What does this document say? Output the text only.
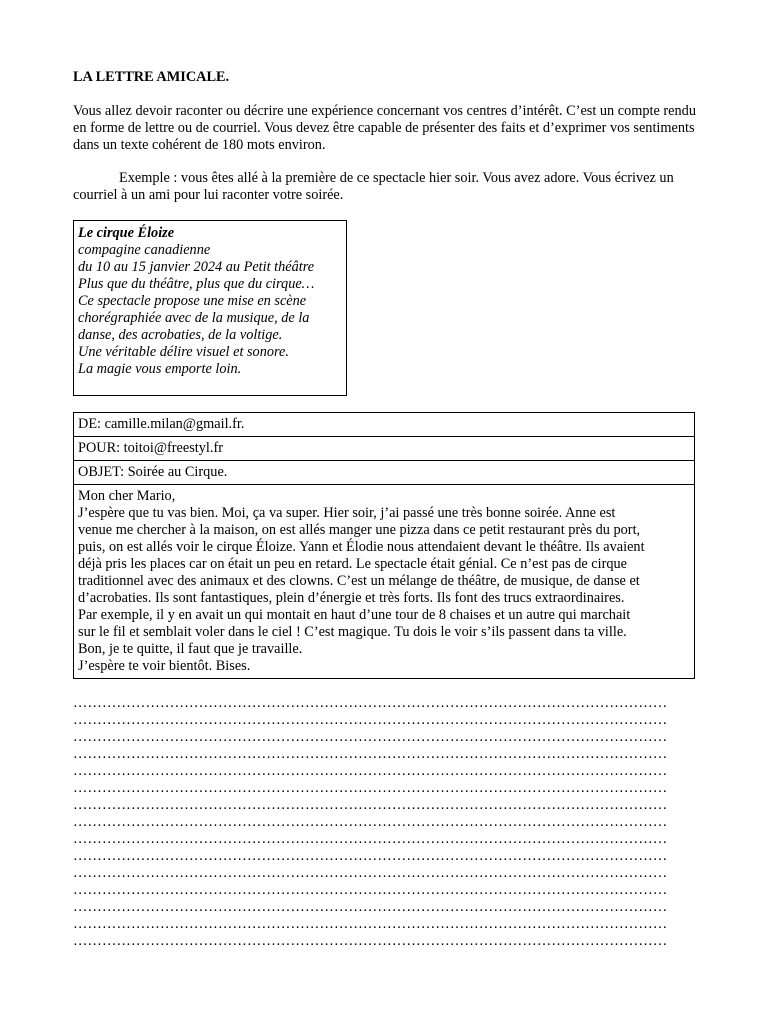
LA LETTRE AMICALE.
Vous allez devoir raconter ou décrire une expérience concernant vos centres d’intérêt. C’est un compte rendu en forme de lettre ou de courriel. Vous devez être capable de présenter des faits et d’exprimer vos sentiments dans un texte cohérent de 180 mots environ.
Exemple : vous êtes allé à la première de ce spectacle hier soir. Vous avez adore. Vous écrivez un courriel à un ami pour lui raconter votre soirée.
Le cirque Éloize
compagine canadienne
du 10 au 15 janvier 2024 au Petit théâtre
Plus que du théâtre, plus que du cirque…
Ce spectacle propose une mise en scène
chorégraphiée avec de la musique, de la
danse, des acrobaties, de la voltige.
Une véritable délire visuel et sonore.
La magie vous emporte loin.
DE: camille.milan@gmail.fr.
POUR: toitoi@freestyl.fr
OBJET: Soirée au Cirque.
Mon cher Mario,
J’espère que tu vas bien. Moi, ça va super. Hier soir, j’ai passé une très bonne soirée. Anne est
venue me chercher à la maison, on est allés manger une pizza dans ce petit restaurant près du port,
puis, on est allés voir le cirque Éloize. Yann et Élodie nous attendaient devant le théâtre. Ils avaient
déjà pris les places car on était un peu en retard. Le spectacle était génial. Ce n’est pas de cirque
traditionnel avec des animaux et des clowns. C’est un mélange de théâtre, de musique, de danse et
d’acrobaties. Ils sont fantastiques, plein d’énergie et très forts. Ils font des trucs extraordinaires.
Par exemple, il y en avait un qui montait en haut d’une tour de 8 chaises et un autre qui marchait
sur le fil et semblait voler dans le ciel ! C’est magique. Tu dois le voir s’ils passent dans ta ville.
Bon, je te quitte, il faut que je travaille.
J’espère te voir bientôt. Bises.
……………………………………………………………………………………………………………
……………………………………………………………………………………………………………
……………………………………………………………………………………………………………
……………………………………………………………………………………………………………
……………………………………………………………………………………………………………
……………………………………………………………………………………………………………
……………………………………………………………………………………………………………
……………………………………………………………………………………………………………
……………………………………………………………………………………………………………
……………………………………………………………………………………………………………
……………………………………………………………………………………………………………
……………………………………………………………………………………………………………
……………………………………………………………………………………………………………
……………………………………………………………………………………………………………
……………………………………………………………………………………………………………
